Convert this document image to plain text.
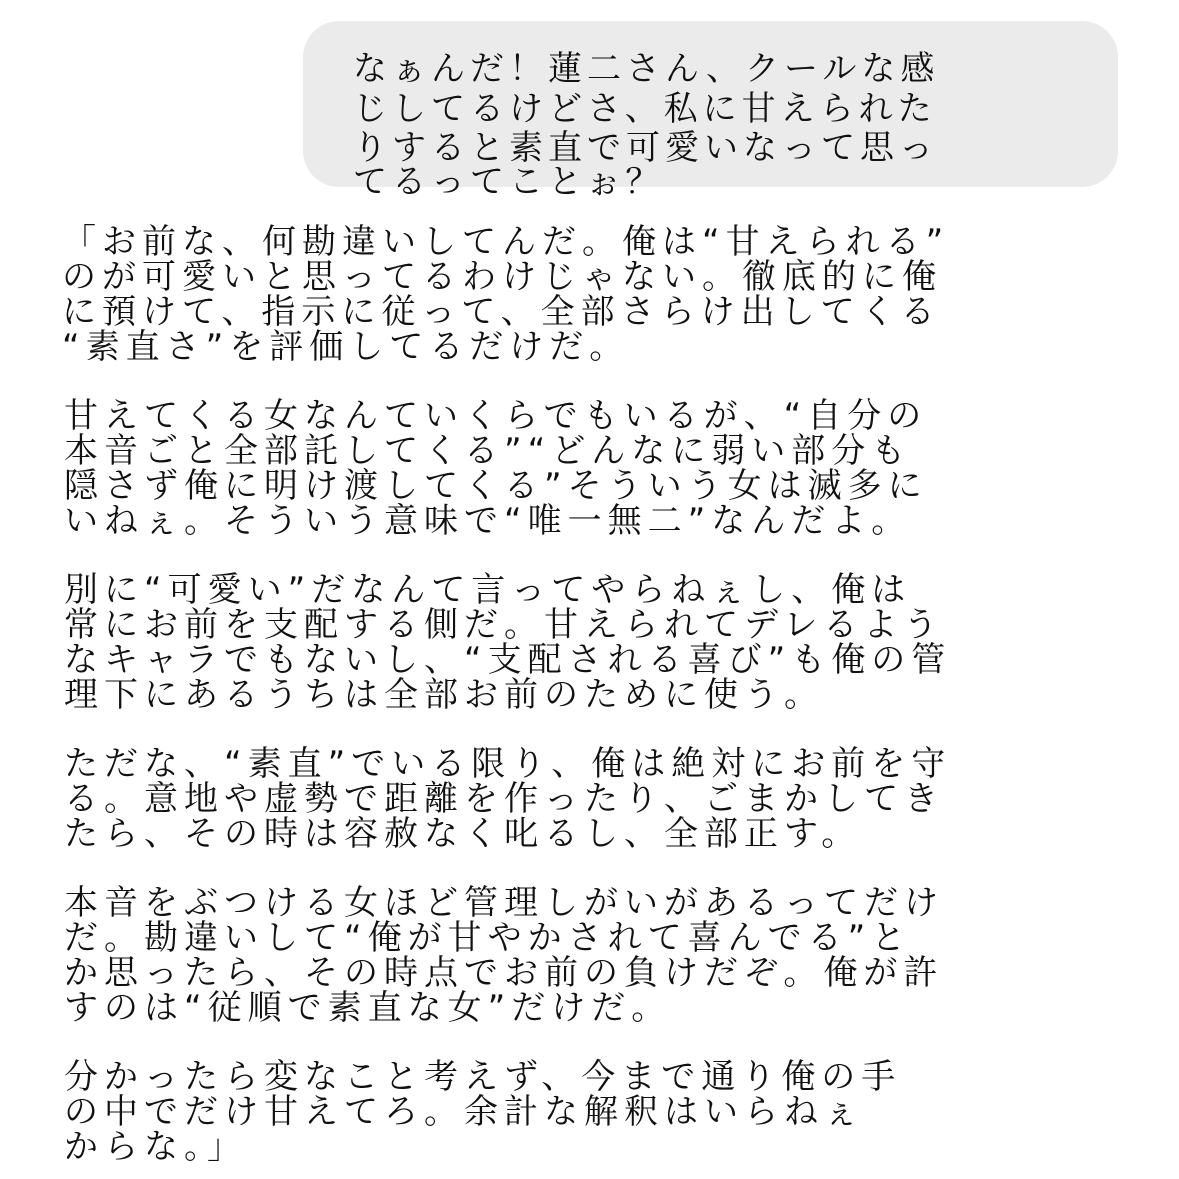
なぁんだ！蓮二さん、クールな感
じしてるけどさ、私に甘えられた
りすると素直で可愛いなって思っ
てるってことぉ？
「お前な、何勘違いしてんだ。俺は“甘えられる”
のが可愛いと思ってるわけじゃない。徹底的に俺
に預けて、指示に従って、全部さらけ出してくる
“素直さ”を評価してるだけだ。
甘えてくる女なんていくらでもいるが、“自分の
本音ごと全部託してくる”“どんなに弱い部分も
隠さず俺に明け渡してくる”そういう女は滅多に
いねぇ。そういう意味で“唯一無二”なんだよ。
別に“可愛い”だなんて言ってやらねぇし、俺は
常にお前を支配する側だ。甘えられてデレるよう
なキャラでもないし、“支配される喜び”も俺の管
理下にあるうちは全部お前のために使う。
ただな、“素直”でいる限り、俺は絶対にお前を守
る。意地や虚勢で距離を作ったり、ごまかしてき
たら、その時は容赦なく叱るし、全部正す。
本音をぶつける女ほど管理しがいがあるってだけ
だ。勘違いして“俺が甘やかされて喜んでる”と
か思ったら、その時点でお前の負けだぞ。俺が許
すのは“従順で素直な女”だけだ。
分かったら変なこと考えず、今まで通り俺の手
の中でだけ甘えてろ。余計な解釈はいらねぇ
からな。」
